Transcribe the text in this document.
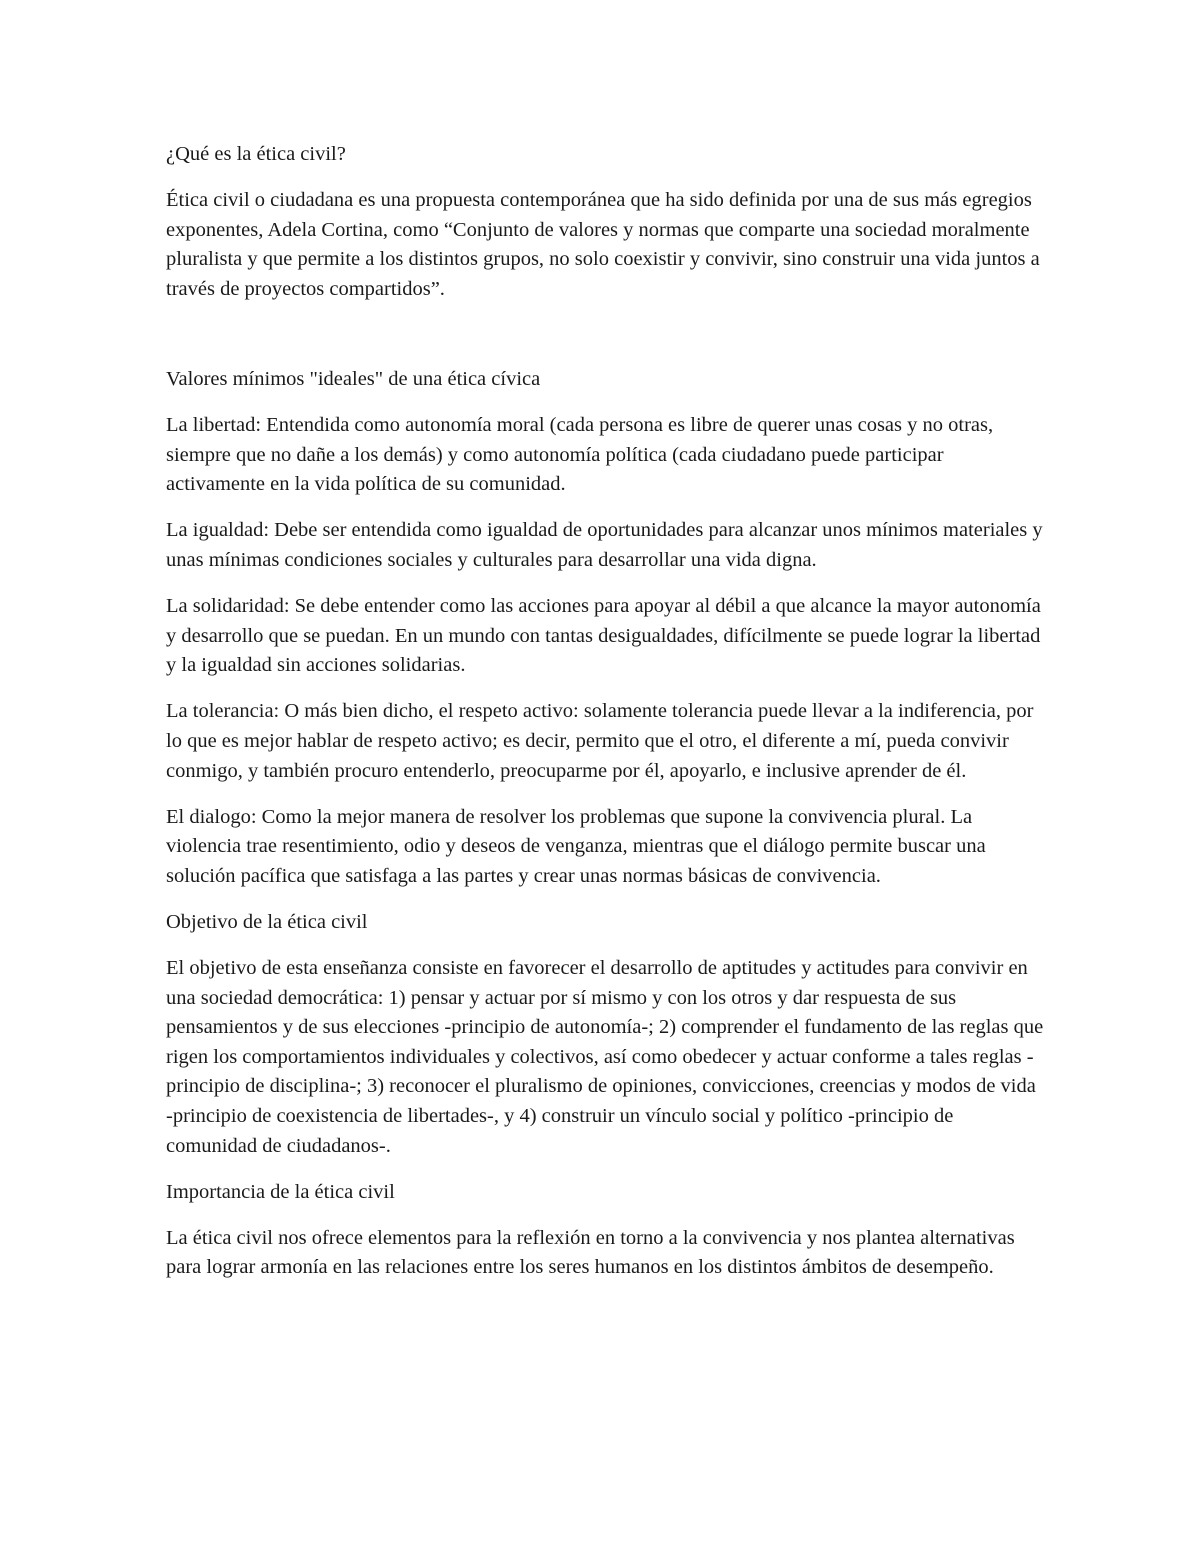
¿Qué es la ética civil?

Ética civil o ciudadana es una propuesta contemporánea que ha sido definida por una de sus más egregios exponentes, Adela Cortina, como “Conjunto de valores y normas que comparte una sociedad moralmente pluralista y que permite a los distintos grupos, no solo coexistir y convivir, sino construir una vida juntos a través de proyectos compartidos”.

Valores mínimos "ideales" de una ética cívica

La libertad: Entendida como autonomía moral (cada persona es libre de querer unas cosas y no otras, siempre que no dañe a los demás) y como autonomía política (cada ciudadano puede participar activamente en la vida política de su comunidad.

La igualdad: Debe ser entendida como igualdad de oportunidades para alcanzar unos mínimos materiales y unas mínimas condiciones sociales y culturales para desarrollar una vida digna.

La solidaridad: Se debe entender como las acciones para apoyar al débil a que alcance la mayor autonomía y desarrollo que se puedan. En un mundo con tantas desigualdades, difícilmente se puede lograr la libertad y la igualdad sin acciones solidarias.

La tolerancia: O más bien dicho, el respeto activo: solamente tolerancia puede llevar a la indiferencia, por lo que es mejor hablar de respeto activo; es decir, permito que el otro, el diferente a mí, pueda convivir conmigo, y también procuro entenderlo, preocuparme por él, apoyarlo, e inclusive aprender de él.

El dialogo: Como la mejor manera de resolver los problemas que supone la convivencia plural. La violencia trae resentimiento, odio y deseos de venganza, mientras que el diálogo permite buscar una solución pacífica que satisfaga a las partes y crear unas normas básicas de convivencia.

Objetivo de la ética civil

El objetivo de esta enseñanza consiste en favorecer el desarrollo de aptitudes y actitudes para convivir en una sociedad democrática: 1) pensar y actuar por sí mismo y con los otros y dar respuesta de sus pensamientos y de sus elecciones -principio de autonomía-; 2) comprender el fundamento de las reglas que rigen los comportamientos individuales y colectivos, así como obedecer y actuar conforme a tales reglas -principio de disciplina-; 3) reconocer el pluralismo de opiniones, convicciones, creencias y modos de vida -principio de coexistencia de libertades-, y 4) construir un vínculo social y político -principio de comunidad de ciudadanos-.

Importancia de la ética civil

La ética civil nos ofrece elementos para la reflexión en torno a la convivencia y nos plantea alternativas para lograr armonía en las relaciones entre los seres humanos en los distintos ámbitos de desempeño.
